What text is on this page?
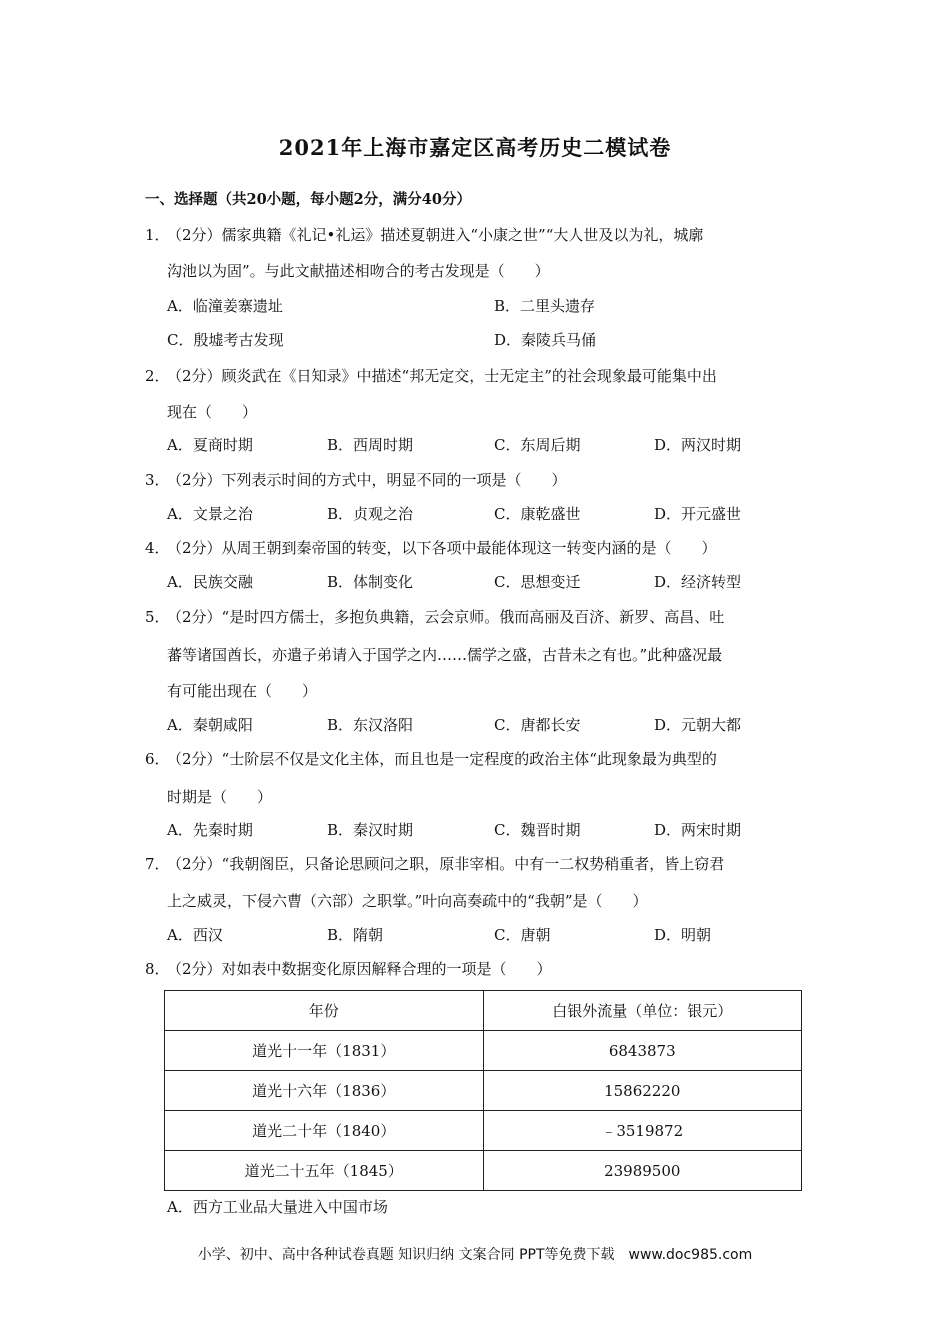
2021年上海市嘉定区高考历史二模试卷
一、选择题（共20小题，每小题2分，满分40分）
1．（2分）儒家典籍《礼记•礼运》描述夏朝进入“小康之世”“大人世及以为礼，城廓
沟池以为固”。与此文献描述相吻合的考古发现是（　　）
A．临潼姜寨遗址	B．二里头遗存
C．殷墟考古发现	D．秦陵兵马俑
2．（2分）顾炎武在《日知录》中描述“邦无定交，士无定主”的社会现象最可能集中出
现在（　　）
A．夏商时期	B．西周时期	C．东周后期	D．两汉时期
3．（2分）下列表示时间的方式中，明显不同的一项是（　　）
A．文景之治	B．贞观之治	C．康乾盛世	D．开元盛世
4．（2分）从周王朝到秦帝国的转变，以下各项中最能体现这一转变内涵的是（　　）
A．民族交融	B．体制变化	C．思想变迁	D．经济转型
5．（2分）“是时四方儒士，多抱负典籍，云会京师。俄而高丽及百济、新罗、高昌、吐
蕃等诸国酋长，亦遣子弟请入于国学之内……儒学之盛，古昔未之有也。”此种盛况最
有可能出现在（　　）
A．秦朝咸阳	B．东汉洛阳	C．唐都长安	D．元朝大都
6．（2分）“士阶层不仅是文化主体，而且也是一定程度的政治主体“此现象最为典型的
时期是（　　）
A．先秦时期	B．秦汉时期	C．魏晋时期	D．两宋时期
7．（2分）“我朝阁臣，只备论思顾问之职，原非宰相。中有一二权势稍重者，皆上窃君
上之威灵，下侵六曹（六部）之职掌。”叶向高奏疏中的“我朝”是（　　）
A．西汉	B．隋朝	C．唐朝	D．明朝
8．（2分）对如表中数据变化原因解释合理的一项是（　　）
年份	白银外流量（单位：银元）
道光十一年（1831）	6843873
道光十六年（1836）	15862220
道光二十年（1840）	﹣3519872
道光二十五年（1845）	23989500
A．西方工业品大量进入中国市场
小学、初中、高中各种试卷真题 知识归纳 文案合同 PPT等免费下载　www.doc985.com
